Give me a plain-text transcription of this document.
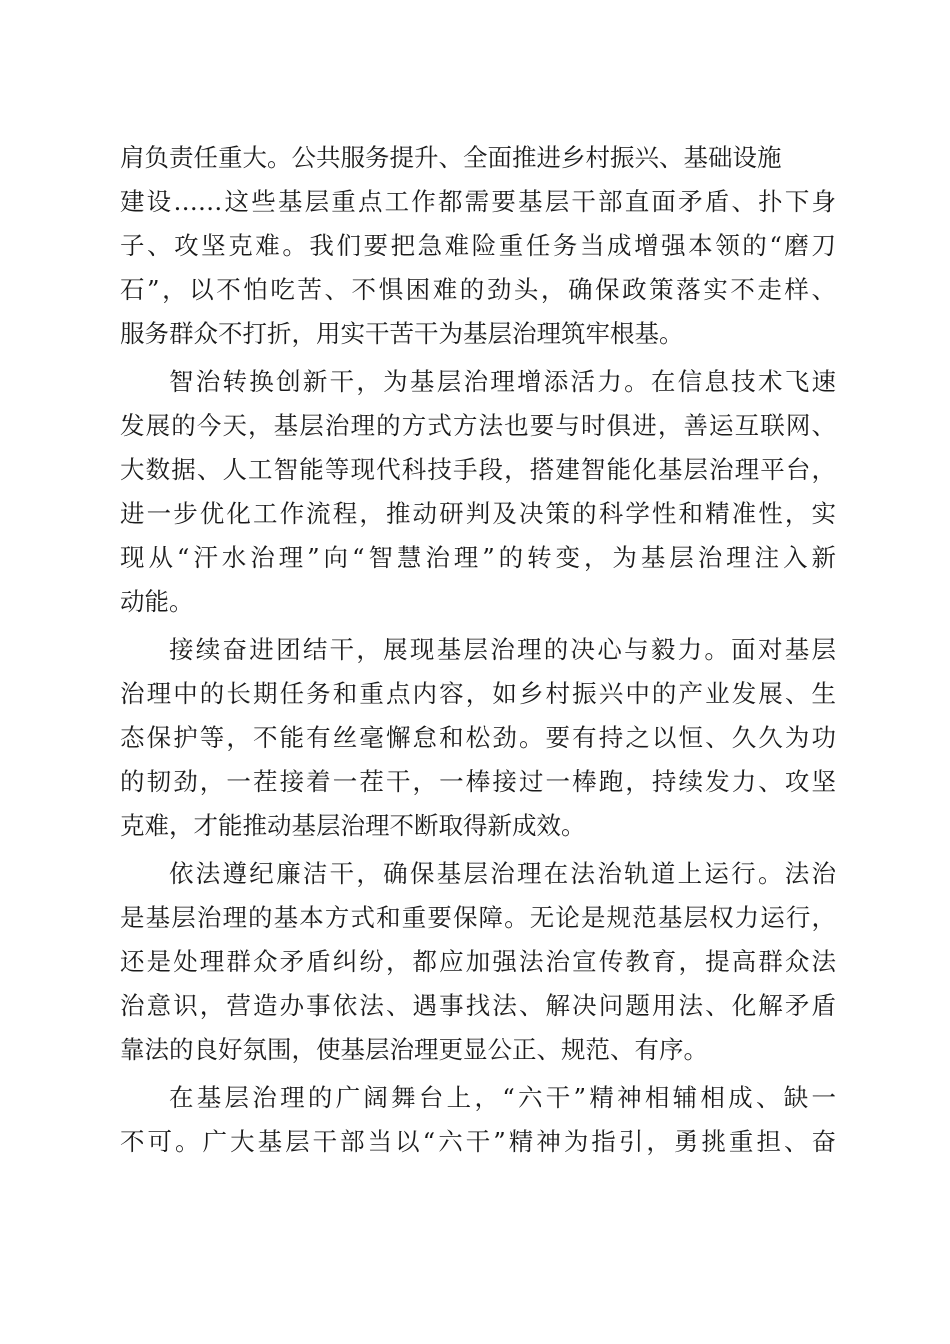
肩负责任重大。公共服务提升、全面推进乡村振兴、基础设施

建设……这些基层重点工作都需要基层干部直面矛盾、扑下身

子、攻坚克难。我们要把急难险重任务当成增强本领的“磨刀

石”，以不怕吃苦、不惧困难的劲头，确保政策落实不走样、

服务群众不打折，用实干苦干为基层治理筑牢根基。

智治转换创新干，为基层治理增添活力。在信息技术飞速

发展的今天，基层治理的方式方法也要与时俱进，善运互联网、

大数据、人工智能等现代科技手段，搭建智能化基层治理平台，

进一步优化工作流程，推动研判及决策的科学性和精准性，实

现从“汗水治理”向“智慧治理”的转变，为基层治理注入新

动能。

接续奋进团结干，展现基层治理的决心与毅力。面对基层

治理中的长期任务和重点内容，如乡村振兴中的产业发展、生

态保护等，不能有丝毫懈怠和松劲。要有持之以恒、久久为功

的韧劲，一茬接着一茬干，一棒接过一棒跑，持续发力、攻坚

克难，才能推动基层治理不断取得新成效。

依法遵纪廉洁干，确保基层治理在法治轨道上运行。法治

是基层治理的基本方式和重要保障。无论是规范基层权力运行，

还是处理群众矛盾纠纷，都应加强法治宣传教育，提高群众法

治意识，营造办事依法、遇事找法、解决问题用法、化解矛盾

靠法的良好氛围，使基层治理更显公正、规范、有序。

在基层治理的广阔舞台上，“六干”精神相辅相成、缺一

不可。广大基层干部当以“六干”精神为指引，勇挑重担、奋
